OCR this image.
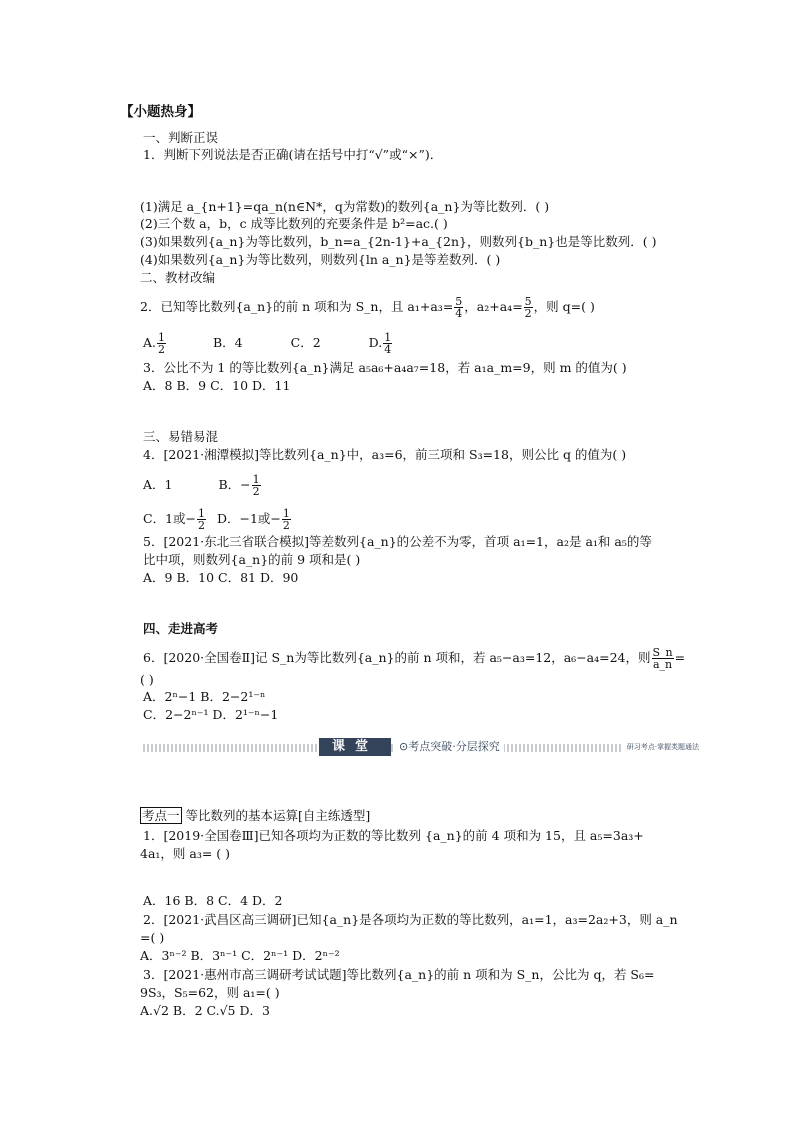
【小题热身】
一、判断正误
1．判断下列说法是否正确(请在括号中打“√”或“×”)．
(1)满足 a_{n+1}=qa_n(n∈N*，q为常数)的数列{a_n}为等比数列．( )
(2)三个数 a，b，c 成等比数列的充要条件是 b²=ac.( )
(3)如果数列{a_n}为等比数列，b_n=a_{2n-1}+a_{2n}，则数列{b_n}也是等比数列．( )
(4)如果数列{a_n}为等比数列，则数列{ln a_n}是等差数列．( )
二、教材改编
2．已知等比数列{a_n}的前 n 项和为 S_n，且 $a_1+a_3= \frac{5}{4}$ ，$a_2+a_4= \frac{5}{2}$ ，则 q=( )
A. $\frac{1}{2}$	B．4	C．2	D. $\frac{1}{4}$
3．公比不为 1 的等比数列{a_n}满足 a₅a₆+a₄a₇=18，若 a₁a_m=9，则 m 的值为( )
A．8 B．9 C．10 D．11
三、易错易混
4．[2021·湘潭模拟]等比数列{a_n}中，a₃=6，前三项和 S₃=18，则公比 q 的值为( )
A．1	B．− $\frac{1}{2}$
C．1或− $\frac{1}{2}$ D．−1或− $\frac{1}{2}$
5．[2021·东北三省联合模拟]等差数列{a_n}的公差不为零，首项 a₁=1，a₂是 a₁和 a₅的等
比中项，则数列{a_n}的前 9 项和是( )
A．9 B．10 C．81 D．90
四、走进高考
6．[2020·全国卷Ⅱ]记 S_n为等比数列{a_n}的前 n 项和，若 a₅−a₃=12，a₆−a₄=24，则 $\frac{S\_n}{a\_n}$ =
( )
A．2ⁿ−1 B．2−2¹⁻ⁿ
C．2−2ⁿ⁻¹ D．2¹⁻ⁿ−1
课堂	⊙考点突破·分层探究	研习考点·掌握类题通法
考点一 等比数列的基本运算[自主练透型]
1．[2019·全国卷Ⅲ]已知各项均为正数的等比数列 {a_n}的前 4 项和为 15，且 a₅=3a₃+
4a₁，则 a₃= ( )
A．16 B．8 C．4 D．2
2．[2021·武昌区高三调研]已知{a_n}是各项均为正数的等比数列，a₁=1，a₃=2a₂+3，则 a_n
=( )
A．3ⁿ⁻² B．3ⁿ⁻¹ C．2ⁿ⁻¹ D．2ⁿ⁻²
3．[2021·惠州市高三调研考试试题]等比数列{a_n}的前 n 项和为 S_n，公比为 q，若 S₆=
9S₃，S₅=62，则 a₁=( )
A.√2 B．2 C.√5 D．3
